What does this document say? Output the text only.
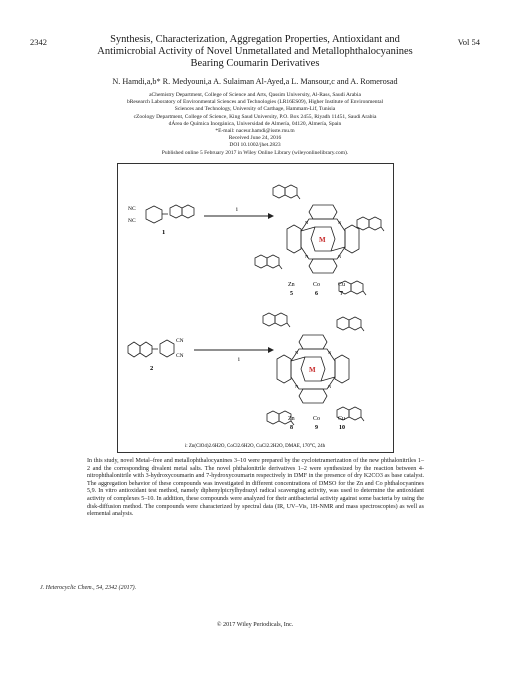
2342	Vol 54
Synthesis, Characterization, Aggregation Properties, Antioxidant and
Antimicrobial Activity of Novel Unmetallated and Metallophthalocyanines
Bearing Coumarin Derivatives
N. Hamdi,a,b* R. Medyouni,a A. Sulaiman Al-Ayed,a L. Mansour,c and A. Romerosad
aChemistry Department, College of Science and Arts, Qassim University, Al-Rass, Saudi Arabia
bResearch Laboratory of Environmental Sciences and Technologies (LR16ES09), Higher Institute of Environmental
Sciences and Technology, University of Carthage, Hammam-Lif, Tunisia
cZoology Department, College of Science, King Saud University, P.O. Box 2455, Riyadh 11451, Saudi Arabia
dÁrea de Química Inorgánica, Universidad de Almería, 04120, Almería, Spain
*E-mail: naceur.hamdi@isste.rnu.tn
Received June 24, 2016
DOI 10.1002/jhet.2823
Published online 5 February 2017 in Wiley Online Library (wileyonlinelibrary.com).
NC
NC
1
i
M
N	N
N	N
Zn	Co	Cu
5	6	7
CN
CN
2
i
M
N	N
N	N
Zn	Co	Cu
8	9	10
i: Zn(ClO4)2.6H2O, CoCl2.6H2O, CuCl2.2H2O, DMAE, 170°C, 24h
In this study, novel Metal–free and metallophthalocyanines 3–10 were prepared by the cyclotetramerization of the new phthalonitriles 1–2 and the corresponding divalent metal salts. The novel phthalonitrile derivatives 1–2 were synthesized by the reaction between 4-nitrophthalonitrile with 3-hydroxycoumarin and 7-hydroxycoumarin respectively in DMF in the presence of dry K2CO3 as base catalyst. The aggregation behavior of these compounds was investigated in different concentrations of DMSO for the Zn and Co phthalocyanines 5,9. In vitro antioxidant test method, namely diphenylpicrylhydrazyl radical scavenging activity, was used to determine the antioxidant activity of complexes 5–10. In addition, these compounds were analyzed for their antibacterial activity against some bacteria by using the disk-diffusion method. The compounds were characterized by spectral data (IR, UV–Vis, 1H-NMR and mass spectroscopies) as well as elemental analysis.
J. Heterocyclic Chem., 54, 2342 (2017).
© 2017 Wiley Periodicals, Inc.
